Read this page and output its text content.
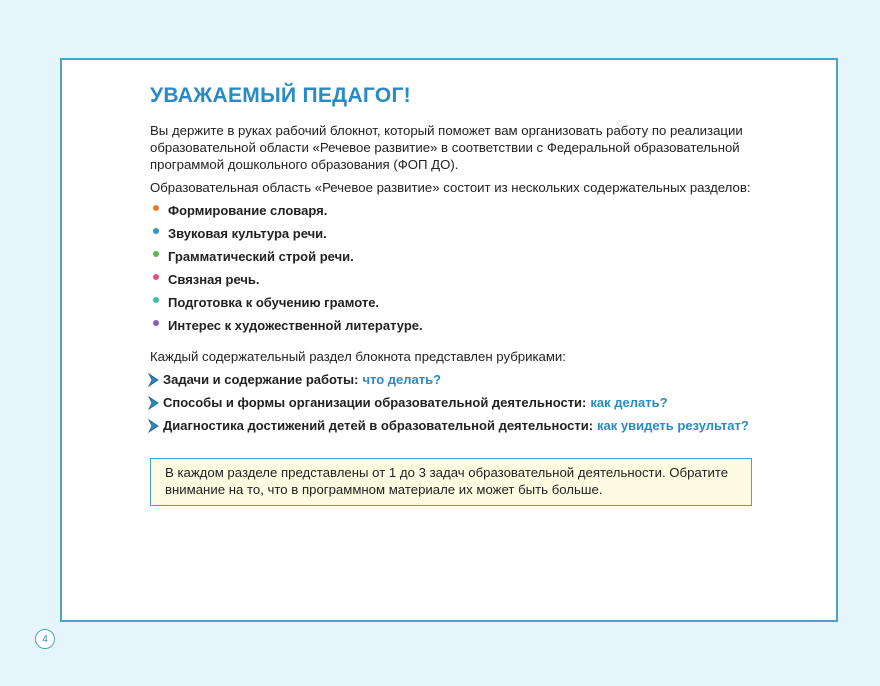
УВАЖАЕМЫЙ ПЕДАГОГ!

Вы держите в руках рабочий блокнот, который поможет вам организовать работу по реализации образовательной области «Речевое развитие» в соответствии с Федеральной образовательной программой дошкольного образования (ФОП ДО).

Образовательная область «Речевое развитие» состоит из нескольких содержательных разделов:

Формирование словаря.
Звуковая культура речи.
Грамматический строй речи.
Связная речь.
Подготовка к обучению грамоте.
Интерес к художественной литературе.

Каждый содержательный раздел блокнота представлен рубриками:

Задачи и содержание работы: что делать?
Способы и формы организации образовательной деятельности: как делать?
Диагностика достижений детей в образовательной деятельности: как увидеть результат?
В каждом разделе представлены от 1 до 3 задач образовательной деятельности. Обратите внимание на то, что в программном материале их может быть больше.
4
